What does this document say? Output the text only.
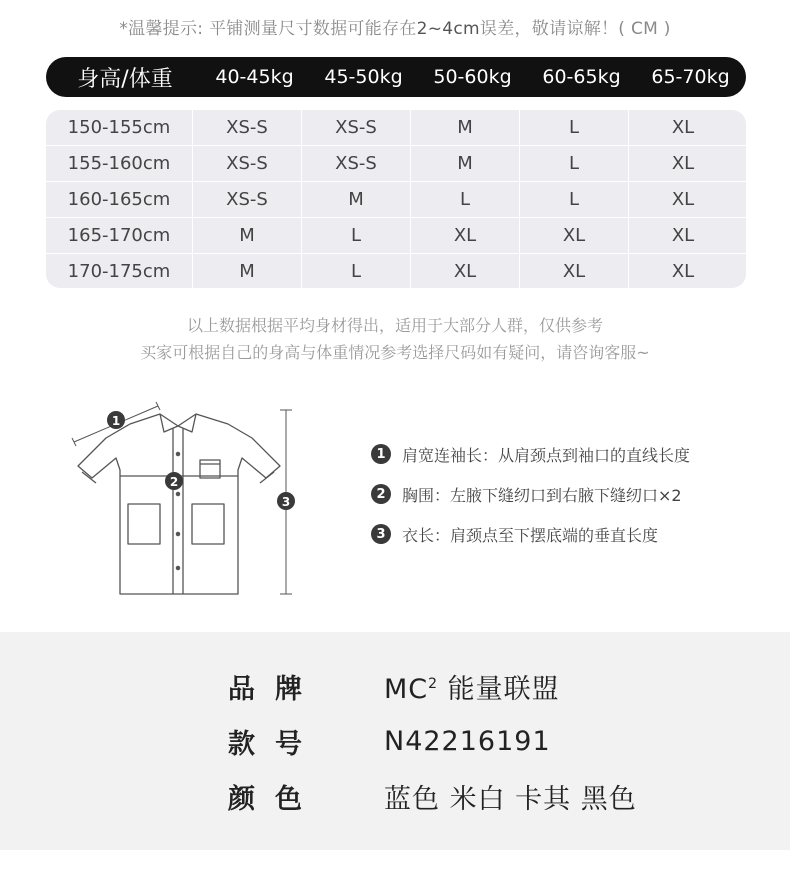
*温馨提示: 平铺测量尺寸数据可能存在2~4cm误差，敬请谅解！( CM )
身高/体重	40-45kg	45-50kg	50-60kg	60-65kg	65-70kg
150-155cm	XS-S	XS-S	M	L	XL
155-160cm	XS-S	XS-S	M	L	XL
160-165cm	XS-S	M	L	L	XL
165-170cm	M	L	XL	XL	XL
170-175cm	M	L	XL	XL	XL
以上数据根据平均身材得出，适用于大部分人群，仅供参考
买家可根据自己的身高与体重情况参考选择尺码如有疑问，请咨询客服~
1
2
3
1	肩宽连袖长：从肩颈点到袖口的直线长度
2	胸围：左腋下缝纫口到右腋下缝纫口×2
3	衣长：肩颈点至下摆底端的垂直长度
品牌	$MC^2$ 能量联盟
款号	N42216191
颜色	蓝色 米白 卡其 黑色
